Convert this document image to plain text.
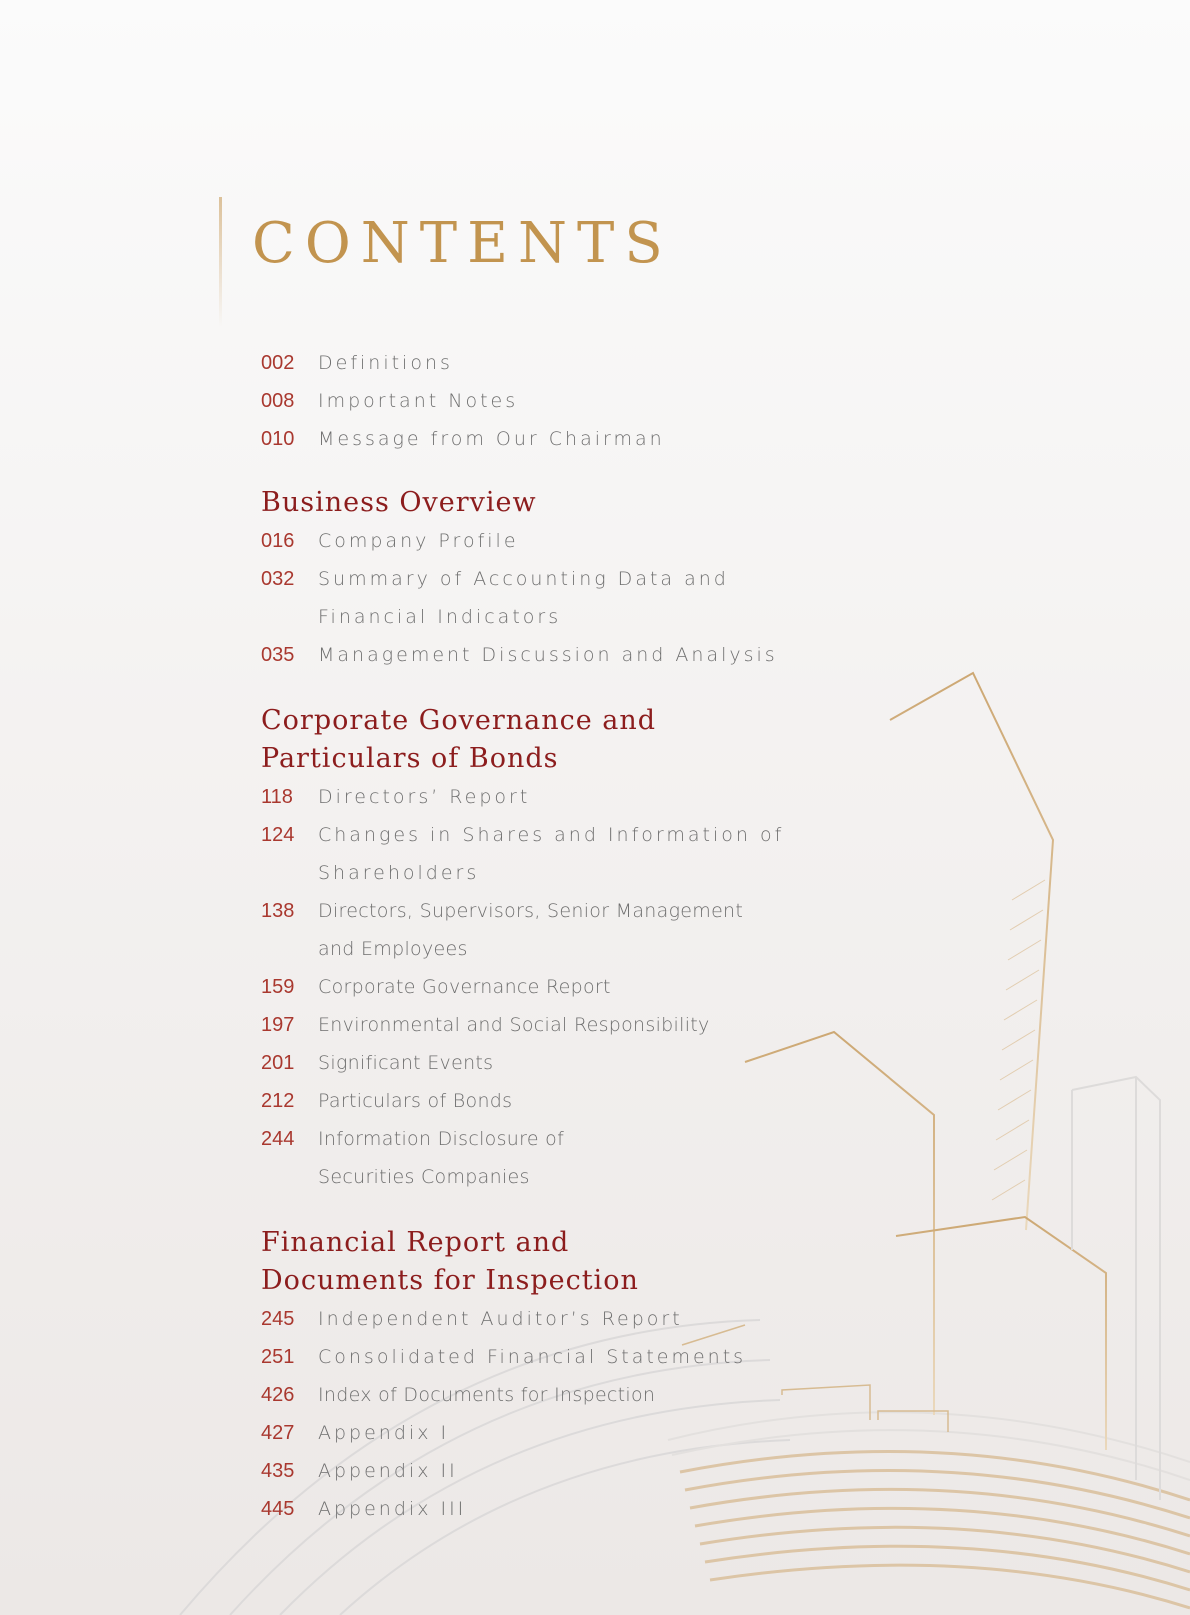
CONTENTS
002	Definitions
008	Important Notes
010	Message from Our Chairman
Business Overview
016	Company Profile
032	Summary of Accounting Data and
Financial Indicators
035	Management Discussion and Analysis
Corporate Governance and
Particulars of Bonds
118	Directors’ Report
124	Changes in Shares and Information of
Shareholders
138	Directors, Supervisors, Senior Management
and Employees
159	Corporate Governance Report
197	Environmental and Social Responsibility
201	Significant Events
212	Particulars of Bonds
244	Information Disclosure of
Securities Companies
Financial Report and
Documents for Inspection
245	Independent Auditor’s Report
251	Consolidated Financial Statements
426	Index of Documents for Inspection
427	Appendix I
435	Appendix II
445	Appendix III
